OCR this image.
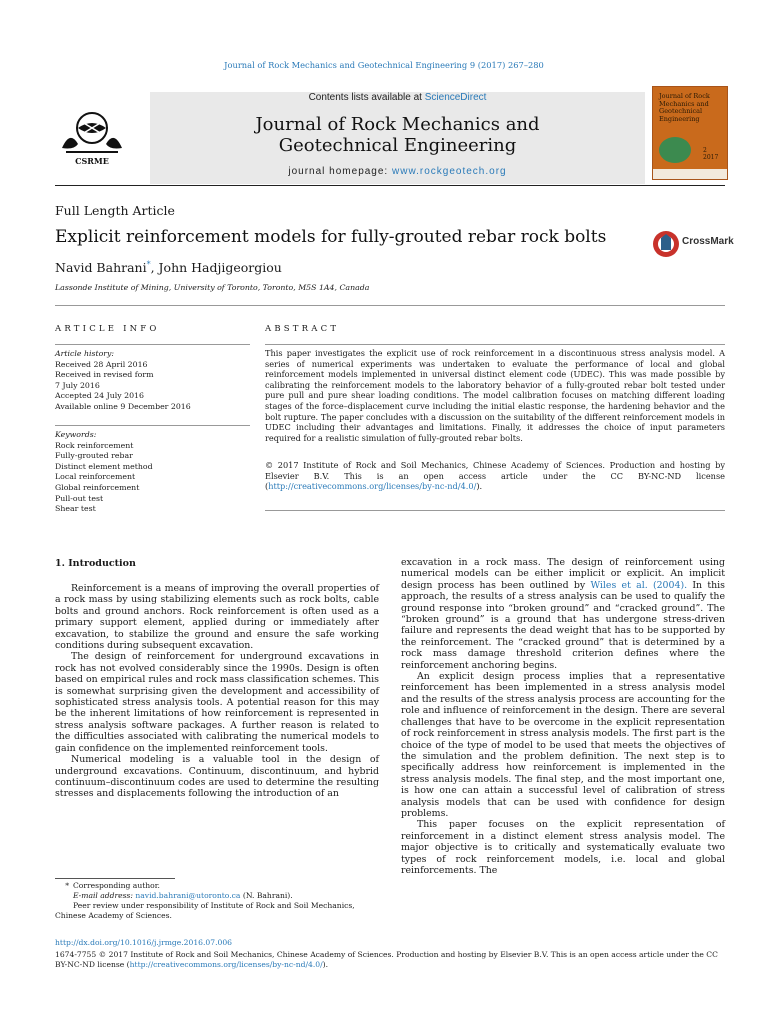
Journal of Rock Mechanics and Geotechnical Engineering 9 (2017) 267–280
CSRME
Contents lists available at ScienceDirect
Journal of Rock Mechanics and
Geotechnical Engineering
journal homepage: www.rockgeotech.org
Journal of Rock Mechanics and Geotechnical Engineering
2
2017
Full Length Article
Explicit reinforcement models for fully-grouted rebar rock bolts	CrossMark
Navid Bahrani*, John Hadjigeorgiou
Lassonde Institute of Mining, University of Toronto, Toronto, M5S 1A4, Canada
ARTICLE INFO	ABSTRACT
Article history:
Received 28 April 2016
Received in revised form
7 July 2016
Accepted 24 July 2016
Available online 9 December 2016
Keywords:
Rock reinforcement
Fully-grouted rebar
Distinct element method
Local reinforcement
Global reinforcement
Pull-out test
Shear test
This paper investigates the explicit use of rock reinforcement in a discontinuous stress analysis model. A series of numerical experiments was undertaken to evaluate the performance of local and global reinforcement models implemented in universal distinct element code (UDEC). This was made possible by calibrating the reinforcement models to the laboratory behavior of a fully-grouted rebar bolt tested under pure pull and pure shear loading conditions. The model calibration focuses on matching different loading stages of the force–displacement curve including the initial elastic response, the hardening behavior and the bolt rupture. The paper concludes with a discussion on the suitability of the different reinforcement models in UDEC including their advantages and limitations. Finally, it addresses the choice of input parameters required for a realistic simulation of fully-grouted rebar bolts.
© 2017 Institute of Rock and Soil Mechanics, Chinese Academy of Sciences. Production and hosting by Elsevier B.V. This is an open access article under the CC BY-NC-ND license (http://creativecommons.org/licenses/by-nc-nd/4.0/).
1. Introduction

Reinforcement is a means of improving the overall properties of a rock mass by using stabilizing elements such as rock bolts, cable bolts and ground anchors. Rock reinforcement is often used as a primary support element, applied during or immediately after excavation, to stabilize the ground and ensure the safe working conditions during subsequent excavation.

The design of reinforcement for underground excavations in rock has not evolved considerably since the 1990s. Design is often based on empirical rules and rock mass classification schemes. This is somewhat surprising given the development and accessibility of sophisticated stress analysis tools. A potential reason for this may be the inherent limitations of how reinforcement is represented in stress analysis software packages. A further reason is related to the difficulties associated with calibrating the numerical models to gain confidence on the implemented reinforcement tools.

Numerical modeling is a valuable tool in the design of underground excavations. Continuum, discontinuum, and hybrid continuum–discontinuum codes are used to determine the resulting stresses and displacements following the introduction of an

excavation in a rock mass. The design of reinforcement using numerical models can be either implicit or explicit. An implicit design process has been outlined by Wiles et al. (2004). In this approach, the results of a stress analysis can be used to qualify the ground response into “broken ground” and “cracked ground”. The “broken ground” is a ground that has undergone stress-driven failure and represents the dead weight that has to be supported by the reinforcement. The “cracked ground” that is determined by a rock mass damage threshold criterion defines where the reinforcement anchoring begins.

An explicit design process implies that a representative reinforcement has been implemented in a stress analysis model and the results of the stress analysis process are accounting for the role and influence of reinforcement in the design. There are several challenges that have to be overcome in the explicit representation of rock reinforcement in stress analysis models. The first part is the choice of the type of model to be used that meets the objectives of the simulation and the problem definition. The next step is to specifically address how reinforcement is implemented in the stress analysis models. The final step, and the most important one, is how one can attain a successful level of calibration of stress analysis models that can be used with confidence for design problems.

This paper focuses on the explicit representation of reinforcement in a distinct element stress analysis model. The major objective is to critically and systematically evaluate two types of rock reinforcement models, i.e. local and global reinforcements. The

* Corresponding author.
E-mail address: navid.bahrani@utoronto.ca (N. Bahrani).
Peer review under responsibility of Institute of Rock and Soil Mechanics, Chinese Academy of Sciences.
http://dx.doi.org/10.1016/j.jrmge.2016.07.006
1674-7755 © 2017 Institute of Rock and Soil Mechanics, Chinese Academy of Sciences. Production and hosting by Elsevier B.V. This is an open access article under the CC BY-NC-ND license (http://creativecommons.org/licenses/by-nc-nd/4.0/).
